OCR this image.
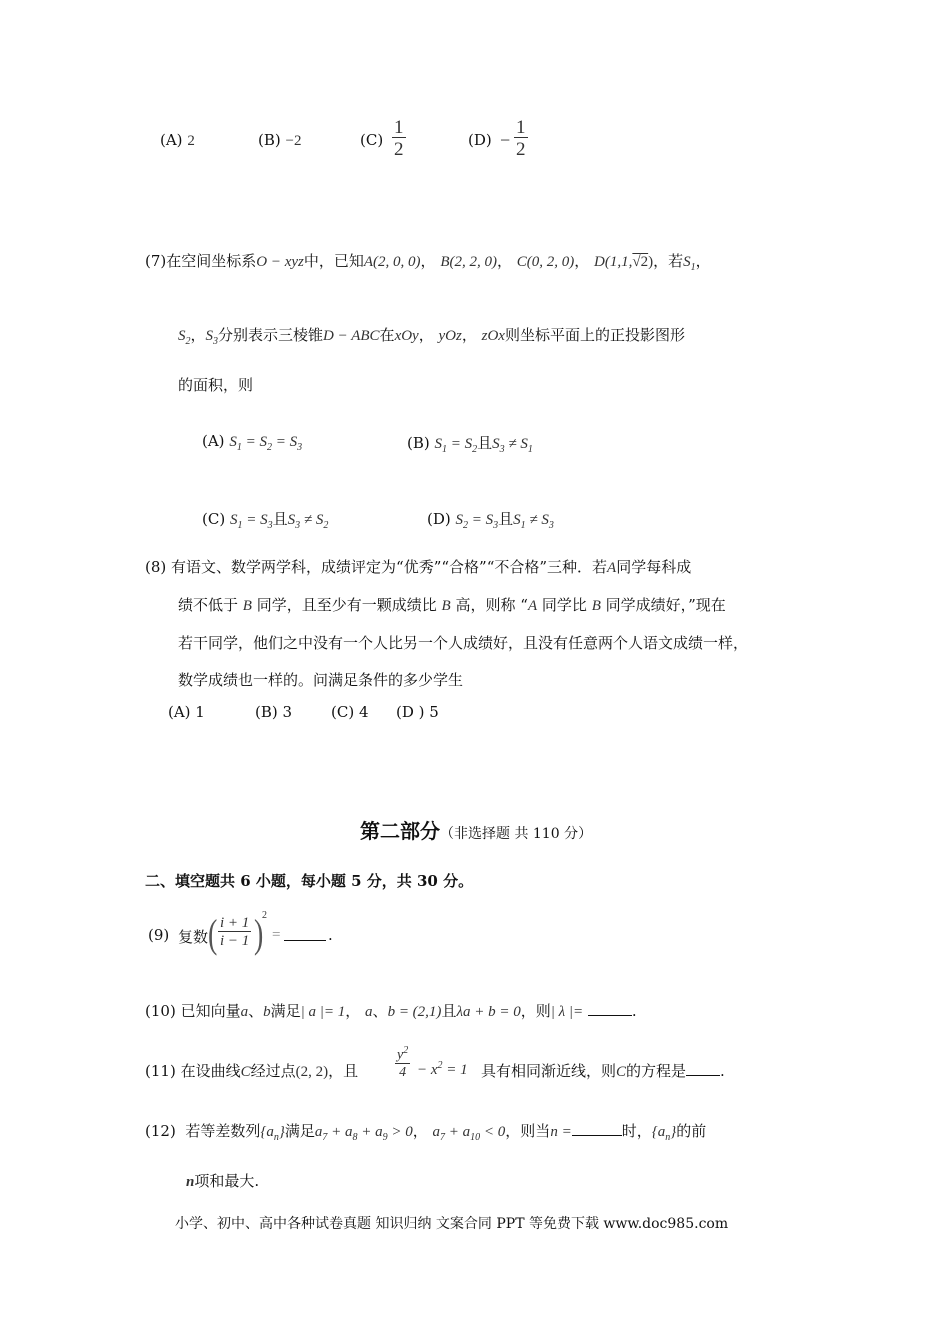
(A) 2	(B) −2	$(C) \frac{1}{2}$	$(D) - \frac{1}{2}$
(7)在空间坐标系O − xyz中，已知A(2, 0, 0)， B(2, 2, 0)， C(0, 2, 0)， D(1,1,√2)，若$S_1$，
$S_2$，$S_3$分别表示三棱锥D − ABC在xOy， yOz， zOx则坐标平面上的正投影图形
的面积，则
(A) $S_1 = S_2 = S_3$	(B) $S_1 = S_2$且$S_3 \ne S_1$
(C) $S_1 = S_3$且$S_3 \ne S_2$	(D) $S_2 = S_3$且$S_1 \ne S_3$
(8) 有语文、数学两学科，成绩评定为“优秀”“合格”“不合格”三种．若A同学每科成
绩不低于 B 同学，且至少有一颗成绩比 B 高，则称 “A 同学比 B 同学成绩好，”现在
若干同学，他们之中没有一个人比另一个人成绩好，且没有任意两个人语文成绩一样，
数学成绩也一样的。问满足条件的多少学生
(A) 1	(B) 3	(C) 4 (D ) 5
第二部分（非选择题 共 110 分）
二、填空题共 6 小题，每小题 5 分，共 30 分。
(9) 复数 ( $\frac{i + 1}{i - 1}$ )
2
=	.
(10) 已知向量a、b满足| a |= 1， a、b = (2,1)且λa + b = 0，则| λ |=	.
(11) 在设曲线C经过点(2, 2)，且	$\frac{y^2}{4} - x^2 = 1$ 具有相同渐近线，则C的方程是 .
(12) 若等差数列$\{a_n\}$满足$a_7 + a_8 + a_9 > 0$， $a_7 + a_{10} < 0$，则当n =	时，$\{a_n\}$的前
n项和最大.
小学、初中、高中各种试卷真题 知识归纳 文案合同 PPT 等免费下载 www.doc985.com
